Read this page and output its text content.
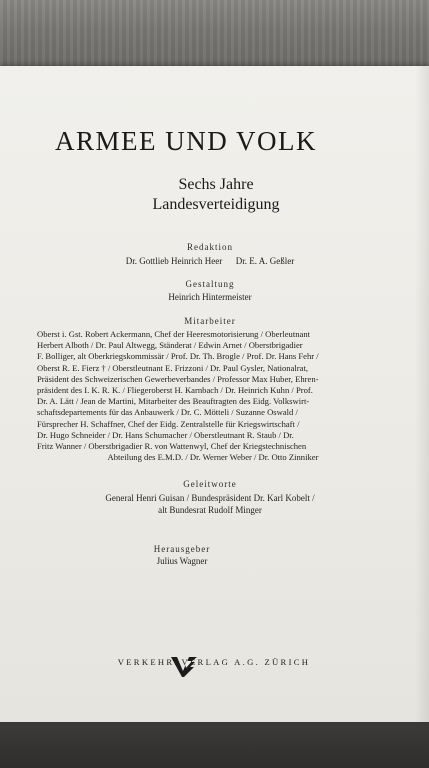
ARMEE UND VOLK
Sechs Jahre
Landesverteidigung
Redaktion
Dr. Gottlieb Heinrich Heer      Dr. E. A. Geßler
Gestaltung
Heinrich Hintermeister
Mitarbeiter
Oberst i. Gst. Robert Ackermann, Chef der Heeresmotorisierung / Oberleutnant
Herbert Alboth / Dr. Paul Altwegg, Ständerat / Edwin Arnet / Oberstbrigadier
F. Bolliger, alt Oberkriegskommissär / Prof. Dr. Th. Brogle / Prof. Dr. Hans Fehr /
Oberst R. E. Fierz † / Oberstleutnant E. Frizzoni / Dr. Paul Gysler, Nationalrat,
Präsident des Schweizerischen Gewerbeverbandes / Professor Max Huber, Ehren-
präsident des I. K. R. K. / Fliegeroberst H. Karnbach / Dr. Heinrich Kuhn / Prof.
Dr. A. Lätt / Jean de Martini, Mitarbeiter des Beauftragten des Eidg. Volkswirt-
schaftsdepartements für das Anbauwerk / Dr. C. Mötteli / Suzanne Oswald /
Fürsprecher H. Schaffner, Chef der Eidg. Zentralstelle für Kriegswirtschaft /
Dr. Hugo Schneider / Dr. Hans Schumacher / Oberstleutnant R. Staub / Dr.
Fritz Wanner / Oberstbrigadier R. von Wattenwyl, Chef der Kriegstechnischen
Abteilung des E.M.D. / Dr. Werner Weber / Dr. Otto Zinniker
Geleitworte
General Henri Guisan / Bundespräsident Dr. Karl Kobelt /
alt Bundesrat Rudolf Minger
Herausgeber
Julius Wagner
VERKEHRSVERLAG A.G. ZÜRICH
